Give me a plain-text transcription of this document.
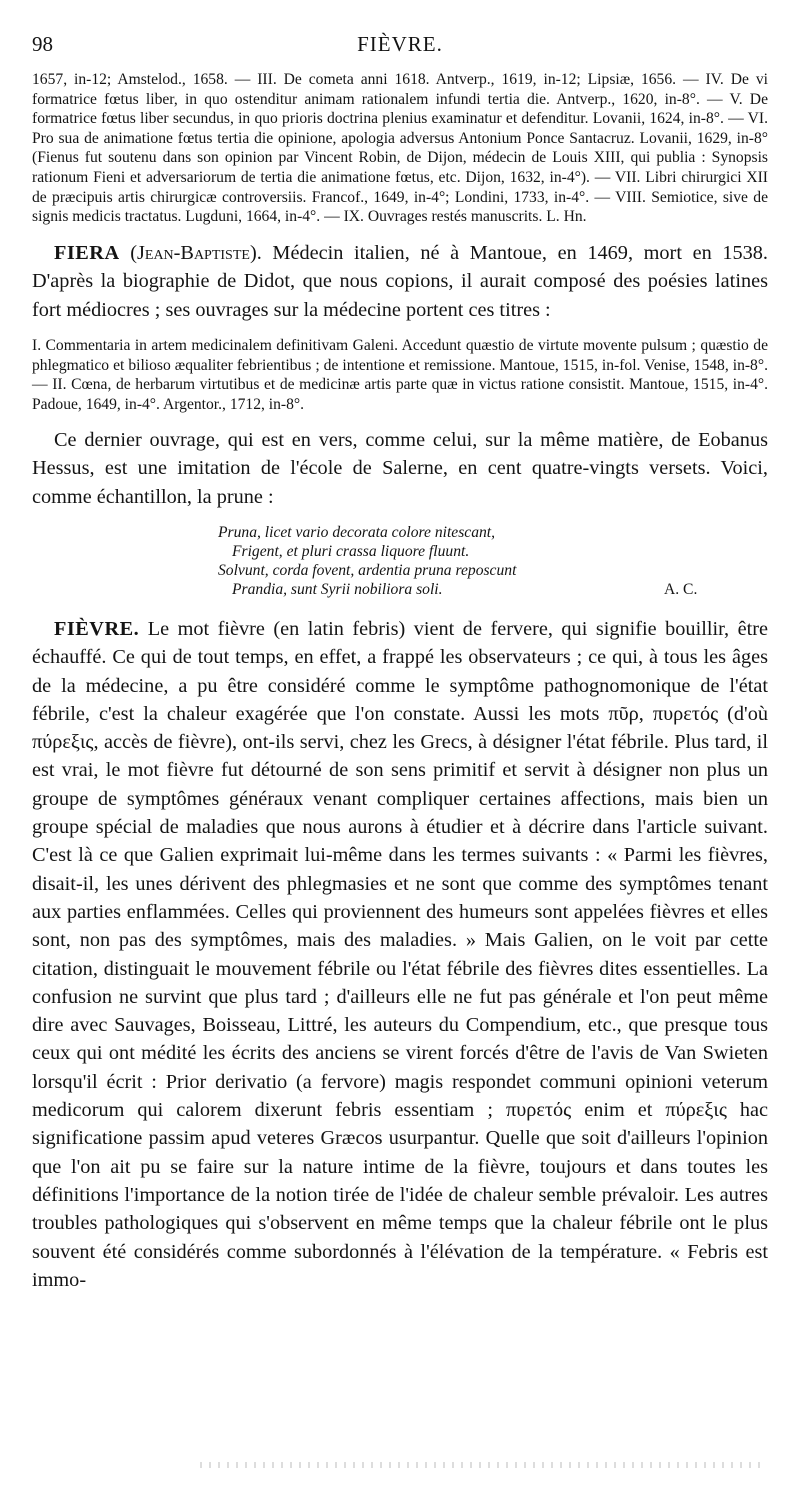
98	FIÈVRE.

1657, in-12; Amstelod., 1658. — III. De cometa anni 1618. Antverp., 1619, in-12; Lipsiæ, 1656. — IV. De vi formatrice fœtus liber, in quo ostenditur animam rationalem infundi tertia die. Antverp., 1620, in-8°. — V. De formatrice fœtus liber secundus, in quo prioris doctrina plenius examinatur et defenditur. Lovanii, 1624, in-8°. — VI. Pro sua de animatione fœtus tertia die opinione, apologia adversus Antonium Ponce Santacruz. Lovanii, 1629, in-8° (Fienus fut soutenu dans son opinion par Vincent Robin, de Dijon, médecin de Louis XIII, qui publia : Synopsis rationum Fieni et adversariorum de tertia die animatione fœtus, etc. Dijon, 1632, in-4°). — VII. Libri chirurgici XII de præcipuis artis chirurgicæ controversiis. Francof., 1649, in-4°; Londini, 1733, in-4°. — VIII. Semiotice, sive de signis medicis tractatus. Lugduni, 1664, in-4°. — IX. Ouvrages restés manuscrits. L. Hn.

FIERA (Jean-Baptiste). Médecin italien, né à Mantoue, en 1469, mort en 1538. D'après la biographie de Didot, que nous copions, il aurait composé des poésies latines fort médiocres ; ses ouvrages sur la médecine portent ces titres :

I. Commentaria in artem medicinalem definitivam Galeni. Accedunt quæstio de virtute movente pulsum ; quæstio de phlegmatico et bilioso æqualiter febrientibus ; de intentione et remissione. Mantoue, 1515, in-fol. Venise, 1548, in-8°. — II. Cœna, de herbarum virtutibus et de medicinæ artis parte quæ in victus ratione consistit. Mantoue, 1515, in-4°. Padoue, 1649, in-4°. Argentor., 1712, in-8°.

Ce dernier ouvrage, qui est en vers, comme celui, sur la même matière, de Eobanus Hessus, est une imitation de l'école de Salerne, en cent quatre-vingts versets. Voici, comme échantillon, la prune :

Pruna, licet vario decorata colore nitescant,
Frigent, et pluri crassa liquore fluunt.
Solvunt, corda fovent, ardentia pruna reposcunt
Prandia, sunt Syrii nobiliora soli.	A. C.

FIÈVRE. Le mot fièvre (en latin febris) vient de fervere, qui signifie bouillir, être échauffé. Ce qui de tout temps, en effet, a frappé les observateurs ; ce qui, à tous les âges de la médecine, a pu être considéré comme le symptôme pathognomonique de l'état fébrile, c'est la chaleur exagérée que l'on constate. Aussi les mots πῦρ, πυρετός (d'où πύρεξις, accès de fièvre), ont-ils servi, chez les Grecs, à désigner l'état fébrile. Plus tard, il est vrai, le mot fièvre fut détourné de son sens primitif et servit à désigner non plus un groupe de symptômes généraux venant compliquer certaines affections, mais bien un groupe spécial de maladies que nous aurons à étudier et à décrire dans l'article suivant. C'est là ce que Galien exprimait lui-même dans les termes suivants : « Parmi les fièvres, disait-il, les unes dérivent des phlegmasies et ne sont que comme des symptômes tenant aux parties enflammées. Celles qui proviennent des humeurs sont appelées fièvres et elles sont, non pas des symptômes, mais des maladies. » Mais Galien, on le voit par cette citation, distinguait le mouvement fébrile ou l'état fébrile des fièvres dites essentielles. La confusion ne survint que plus tard ; d'ailleurs elle ne fut pas générale et l'on peut même dire avec Sauvages, Boisseau, Littré, les auteurs du Compendium, etc., que presque tous ceux qui ont médité les écrits des anciens se virent forcés d'être de l'avis de Van Swieten lorsqu'il écrit : Prior derivatio (a fervore) magis respondet communi opinioni veterum medicorum qui calorem dixerunt febris essentiam ; πυρετός enim et πύρεξις hac significatione passim apud veteres Græcos usurpantur. Quelle que soit d'ailleurs l'opinion que l'on ait pu se faire sur la nature intime de la fièvre, toujours et dans toutes les définitions l'importance de la notion tirée de l'idée de chaleur semble prévaloir. Les autres troubles pathologiques qui s'observent en même temps que la chaleur fébrile ont le plus souvent été considérés comme subordonnés à l'élévation de la température. « Febris est immo-
